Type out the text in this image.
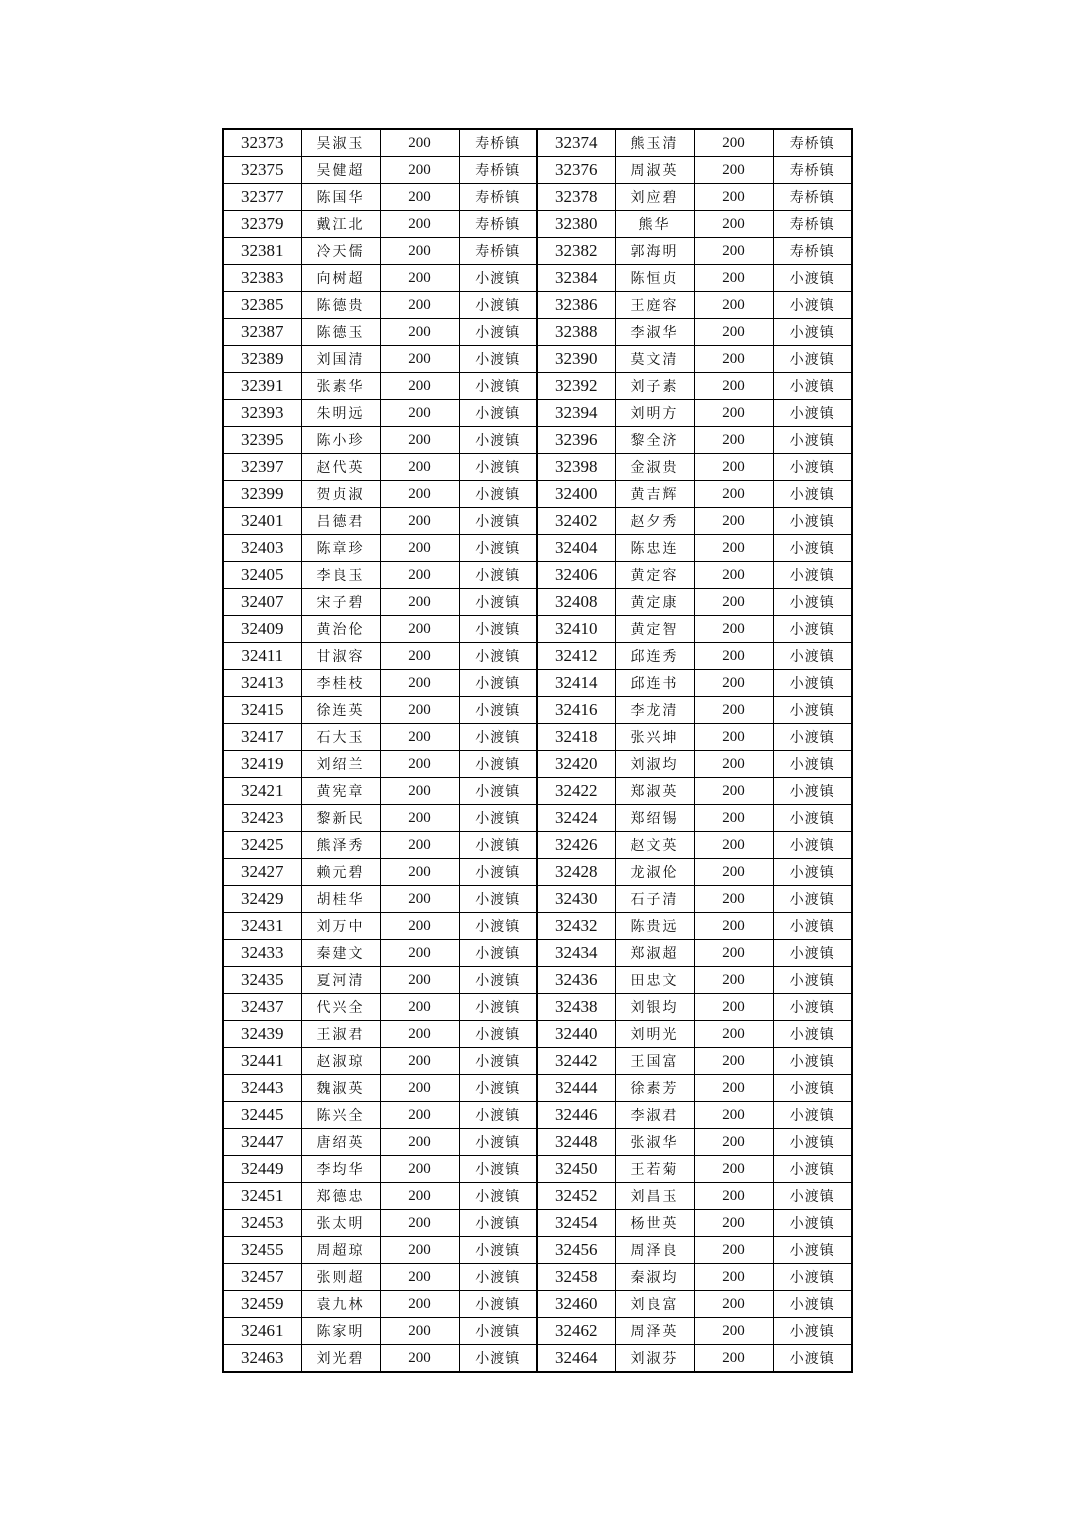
32373	吴淑玉	200	寿桥镇	32374	熊玉清	200	寿桥镇
32375	吴健超	200	寿桥镇	32376	周淑英	200	寿桥镇
32377	陈国华	200	寿桥镇	32378	刘应碧	200	寿桥镇
32379	戴江北	200	寿桥镇	32380	熊华	200	寿桥镇
32381	冷天儒	200	寿桥镇	32382	郭海明	200	寿桥镇
32383	向树超	200	小渡镇	32384	陈恒贞	200	小渡镇
32385	陈德贵	200	小渡镇	32386	王庭容	200	小渡镇
32387	陈德玉	200	小渡镇	32388	李淑华	200	小渡镇
32389	刘国清	200	小渡镇	32390	莫文清	200	小渡镇
32391	张素华	200	小渡镇	32392	刘子素	200	小渡镇
32393	朱明远	200	小渡镇	32394	刘明方	200	小渡镇
32395	陈小珍	200	小渡镇	32396	黎全济	200	小渡镇
32397	赵代英	200	小渡镇	32398	金淑贵	200	小渡镇
32399	贺贞淑	200	小渡镇	32400	黄吉辉	200	小渡镇
32401	吕德君	200	小渡镇	32402	赵夕秀	200	小渡镇
32403	陈章珍	200	小渡镇	32404	陈忠连	200	小渡镇
32405	李良玉	200	小渡镇	32406	黄定容	200	小渡镇
32407	宋子碧	200	小渡镇	32408	黄定康	200	小渡镇
32409	黄治伦	200	小渡镇	32410	黄定智	200	小渡镇
32411	甘淑容	200	小渡镇	32412	邱连秀	200	小渡镇
32413	李桂枝	200	小渡镇	32414	邱连书	200	小渡镇
32415	徐连英	200	小渡镇	32416	李龙清	200	小渡镇
32417	石大玉	200	小渡镇	32418	张兴坤	200	小渡镇
32419	刘绍兰	200	小渡镇	32420	刘淑均	200	小渡镇
32421	黄宪章	200	小渡镇	32422	郑淑英	200	小渡镇
32423	黎新民	200	小渡镇	32424	郑绍锡	200	小渡镇
32425	熊泽秀	200	小渡镇	32426	赵文英	200	小渡镇
32427	赖元碧	200	小渡镇	32428	龙淑伦	200	小渡镇
32429	胡桂华	200	小渡镇	32430	石子清	200	小渡镇
32431	刘万中	200	小渡镇	32432	陈贵远	200	小渡镇
32433	秦建文	200	小渡镇	32434	郑淑超	200	小渡镇
32435	夏河清	200	小渡镇	32436	田忠文	200	小渡镇
32437	代兴全	200	小渡镇	32438	刘银均	200	小渡镇
32439	王淑君	200	小渡镇	32440	刘明光	200	小渡镇
32441	赵淑琼	200	小渡镇	32442	王国富	200	小渡镇
32443	魏淑英	200	小渡镇	32444	徐素芳	200	小渡镇
32445	陈兴全	200	小渡镇	32446	李淑君	200	小渡镇
32447	唐绍英	200	小渡镇	32448	张淑华	200	小渡镇
32449	李均华	200	小渡镇	32450	王若菊	200	小渡镇
32451	郑德忠	200	小渡镇	32452	刘昌玉	200	小渡镇
32453	张太明	200	小渡镇	32454	杨世英	200	小渡镇
32455	周超琼	200	小渡镇	32456	周泽良	200	小渡镇
32457	张则超	200	小渡镇	32458	秦淑均	200	小渡镇
32459	袁九林	200	小渡镇	32460	刘良富	200	小渡镇
32461	陈家明	200	小渡镇	32462	周泽英	200	小渡镇
32463	刘光碧	200	小渡镇	32464	刘淑芬	200	小渡镇
